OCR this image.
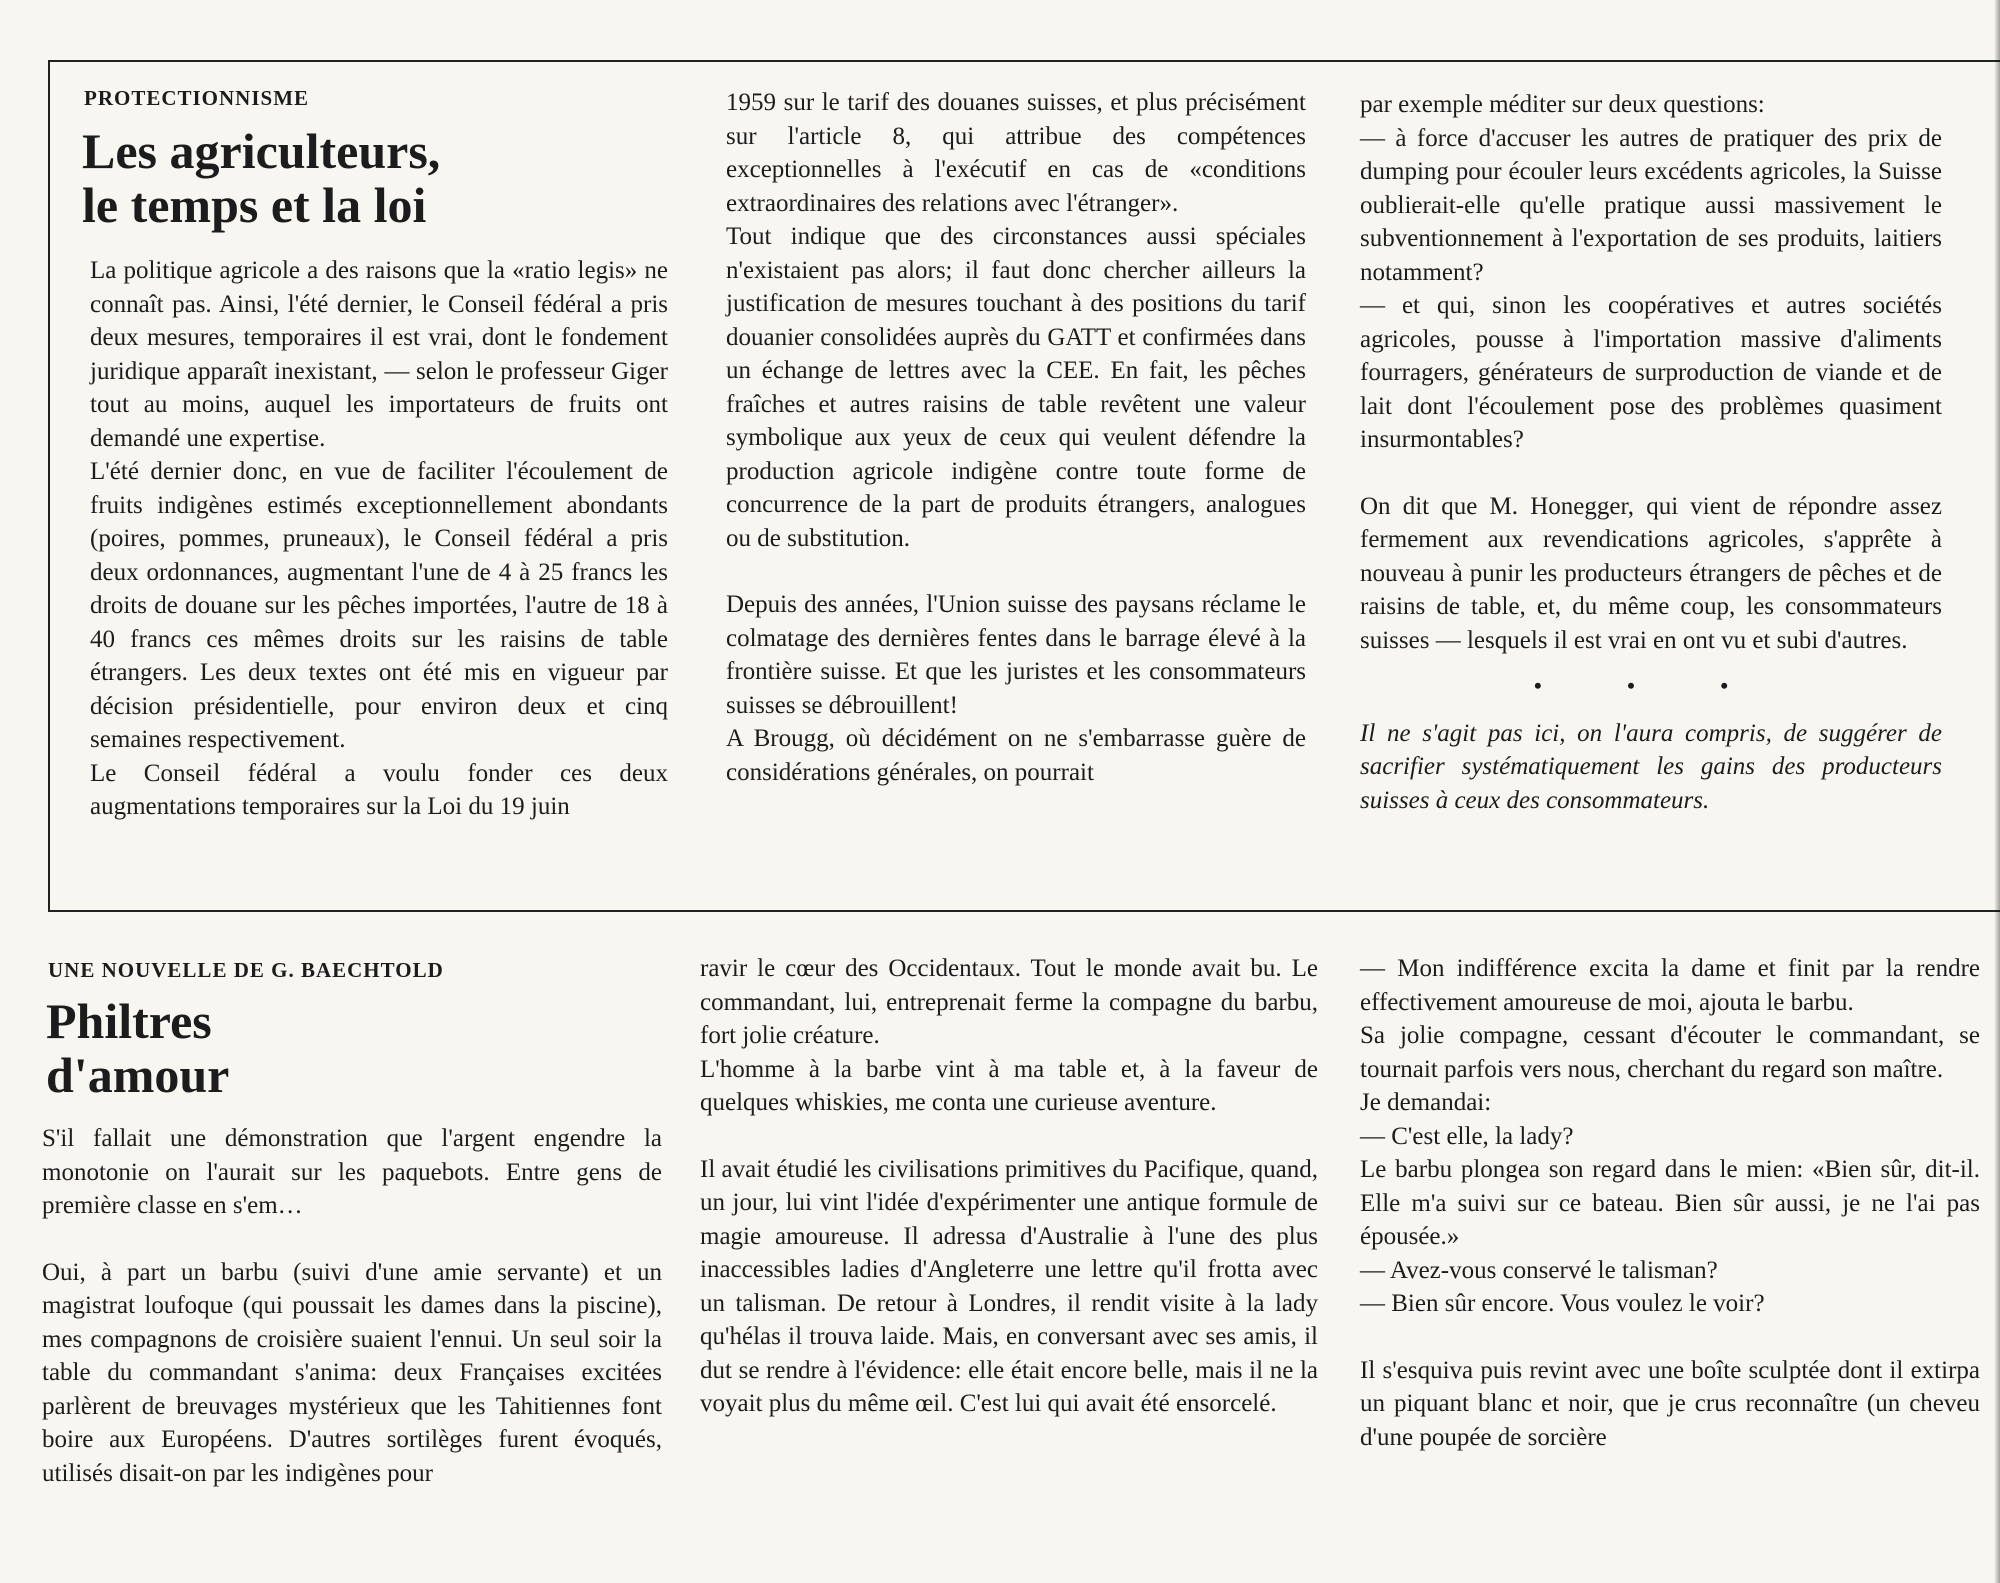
PROTECTIONNISME
Les agriculteurs,
le temps et la loi

La politique agricole a des raisons que la «ratio legis» ne connaît pas. Ainsi, l'été dernier, le Conseil fédéral a pris deux mesures, temporaires il est vrai, dont le fondement juridique apparaît inexistant, — selon le professeur Giger tout au moins, auquel les importateurs de fruits ont demandé une expertise.

L'été dernier donc, en vue de faciliter l'écoulement de fruits indigènes estimés exceptionnellement abondants (poires, pommes, pruneaux), le Conseil fédéral a pris deux ordonnances, augmentant l'une de 4 à 25 francs les droits de douane sur les pêches importées, l'autre de 18 à 40 francs ces mêmes droits sur les raisins de table étrangers. Les deux textes ont été mis en vigueur par décision présidentielle, pour environ deux et cinq semaines respectivement.

Le Conseil fédéral a voulu fonder ces deux augmentations temporaires sur la Loi du 19 juin

1959 sur le tarif des douanes suisses, et plus précisément sur l'article 8, qui attribue des compétences exceptionnelles à l'exécutif en cas de «conditions extraordinaires des relations avec l'étranger».

Tout indique que des circonstances aussi spéciales n'existaient pas alors; il faut donc chercher ailleurs la justification de mesures touchant à des positions du tarif douanier consolidées auprès du GATT et confirmées dans un échange de lettres avec la CEE. En fait, les pêches fraîches et autres raisins de table revêtent une valeur symbolique aux yeux de ceux qui veulent défendre la production agricole indigène contre toute forme de concurrence de la part de produits étrangers, analogues ou de substitution.

Depuis des années, l'Union suisse des paysans réclame le colmatage des dernières fentes dans le barrage élevé à la frontière suisse. Et que les juristes et les consommateurs suisses se débrouillent!

A Brougg, où décidément on ne s'embarrasse guère de considérations générales, on pourrait

par exemple méditer sur deux questions:

— à force d'accuser les autres de pratiquer des prix de dumping pour écouler leurs excédents agricoles, la Suisse oublierait-elle qu'elle pratique aussi massivement le subventionnement à l'exportation de ses produits, laitiers notamment?

— et qui, sinon les coopératives et autres sociétés agricoles, pousse à l'importation massive d'aliments fourragers, générateurs de surproduction de viande et de lait dont l'écoulement pose des problèmes quasiment insurmontables?

On dit que M. Honegger, qui vient de répondre assez fermement aux revendications agricoles, s'apprête à nouveau à punir les producteurs étrangers de pêches et de raisins de table, et, du même coup, les consommateurs suisses — lesquels il est vrai en ont vu et subi d'autres.

• • •

Il ne s'agit pas ici, on l'aura compris, de suggérer de sacrifier systématiquement les gains des producteurs suisses à ceux des consommateurs.

UNE NOUVELLE DE G. BAECHTOLD
Philtres
d'amour

S'il fallait une démonstration que l'argent engendre la monotonie on l'aurait sur les paquebots. Entre gens de première classe en s'em…

Oui, à part un barbu (suivi d'une amie servante) et un magistrat loufoque (qui poussait les dames dans la piscine), mes compagnons de croisière suaient l'ennui. Un seul soir la table du commandant s'anima: deux Françaises excitées parlèrent de breuvages mystérieux que les Tahitiennes font boire aux Européens. D'autres sortilèges furent évoqués, utilisés disait-on par les indigènes pour

ravir le cœur des Occidentaux. Tout le monde avait bu. Le commandant, lui, entreprenait ferme la compagne du barbu, fort jolie créature.

L'homme à la barbe vint à ma table et, à la faveur de quelques whiskies, me conta une curieuse aventure.

Il avait étudié les civilisations primitives du Pacifique, quand, un jour, lui vint l'idée d'expérimenter une antique formule de magie amoureuse. Il adressa d'Australie à l'une des plus inaccessibles ladies d'Angleterre une lettre qu'il frotta avec un talisman. De retour à Londres, il rendit visite à la lady qu'hélas il trouva laide. Mais, en conversant avec ses amis, il dut se rendre à l'évidence: elle était encore belle, mais il ne la voyait plus du même œil. C'est lui qui avait été ensorcelé.

— Mon indifférence excita la dame et finit par la rendre effectivement amoureuse de moi, ajouta le barbu.

Sa jolie compagne, cessant d'écouter le commandant, se tournait parfois vers nous, cherchant du regard son maître.

Je demandai:

— C'est elle, la lady?

Le barbu plongea son regard dans le mien: «Bien sûr, dit-il. Elle m'a suivi sur ce bateau. Bien sûr aussi, je ne l'ai pas épousée.»

— Avez-vous conservé le talisman?

— Bien sûr encore. Vous voulez le voir?

Il s'esquiva puis revint avec une boîte sculptée dont il extirpa un piquant blanc et noir, que je crus reconnaître (un cheveu d'une poupée de sorcière
